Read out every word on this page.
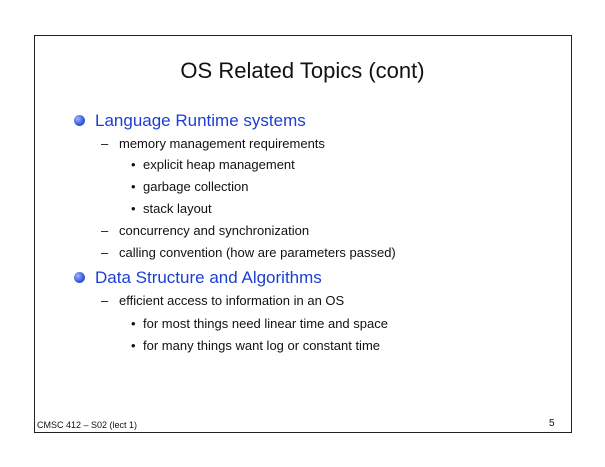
OS Related Topics (cont)
Language Runtime systems
– memory management requirements
• explicit heap management
• garbage collection
• stack layout
– concurrency and synchronization
– calling convention (how are parameters passed)
Data Structure and Algorithms
– efficient access to information in an OS
• for most things need linear time and space
• for many things want log or constant time
CMSC 412 – S02 (lect 1)	5
